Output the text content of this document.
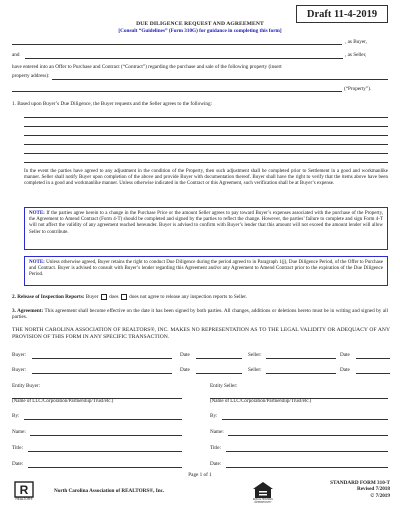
Draft 11-4-2019
DUE DILIGENCE REQUEST AND AGREEMENT
[Consult “Guidelines” (Form 310G) for guidance in completing this form]
, as Buyer,
and	, as Seller,
have entered into an Offer to Purchase and Contract (“Contract”) regarding the purchase and sale of the following property (insert
property address):
(“Property”).
1. Based upon Buyer’s Due Diligence, the Buyer requests and the Seller agrees to the following:
In the event the parties have agreed to any adjustment in the condition of the Property, then such adjustment shall be completed prior to Settlement in a good and workmanlike manner. Seller shall notify Buyer upon completion of the above and provide Buyer with documentation thereof. Buyer shall have the right to verify that the items above have been completed in a good and workmanlike manner. Unless otherwise indicated in the Contract or this Agreement, such verification shall be at Buyer’s expense.
NOTE: If the parties agree herein to a change in the Purchase Price or the amount Seller agrees to pay toward Buyer’s expenses associated with the purchase of the Property, the Agreement to Amend Contract (Form 4-T) should be completed and signed by the parties to reflect the change. However, the parties’ failure to complete and sign Form 4-T will not affect the validity of any agreement reached hereunder. Buyer is advised to confirm with Buyer’s lender that this amount will not exceed the amount lender will allow Seller to contribute.
NOTE: Unless otherwise agreed, Buyer retains the right to conduct Due Diligence during the period agreed to in Paragraph 1(j), Due Diligence Period, of the Offer to Purchase and Contract. Buyer is advised to consult with Buyer’s lender regarding this Agreement and/or any Agreement to Amend Contract prior to the expiration of the Due Diligence Period.
2. Release of Inspection Reports: Buyer  does  does not agree to release any inspection reports to Seller.
3. Agreement: This agreement shall become effective on the date it has been signed by both parties. All changes, additions or deletions hereto must be in writing and signed by all parties.
THE NORTH CAROLINA ASSOCIATION OF REALTORS®, INC. MAKES NO REPRESENTATION AS TO THE LEGAL VALIDITY OR ADEQUACY OF ANY PROVISION OF THIS FORM IN ANY SPECIFIC TRANSACTION.
Buyer:	Date	Seller:	Date
Buyer:	Date	Seller:	Date
Entity Buyer:
(Name of LLC/Corporation/Partnership/Trust/etc.)
Entity Seller:
(Name of LLC/Corporation/Partnership/Trust/etc.)
By:	By:
Name:	Name:
Title:	Title:
Date:	Date:
Page 1 of 1
R
REALTOR®
North Carolina Association of REALTORS®, Inc.
EQUAL HOUSING OPPORTUNITY
STANDARD FORM 310-T
Revised 7/2018
© 7/2019
